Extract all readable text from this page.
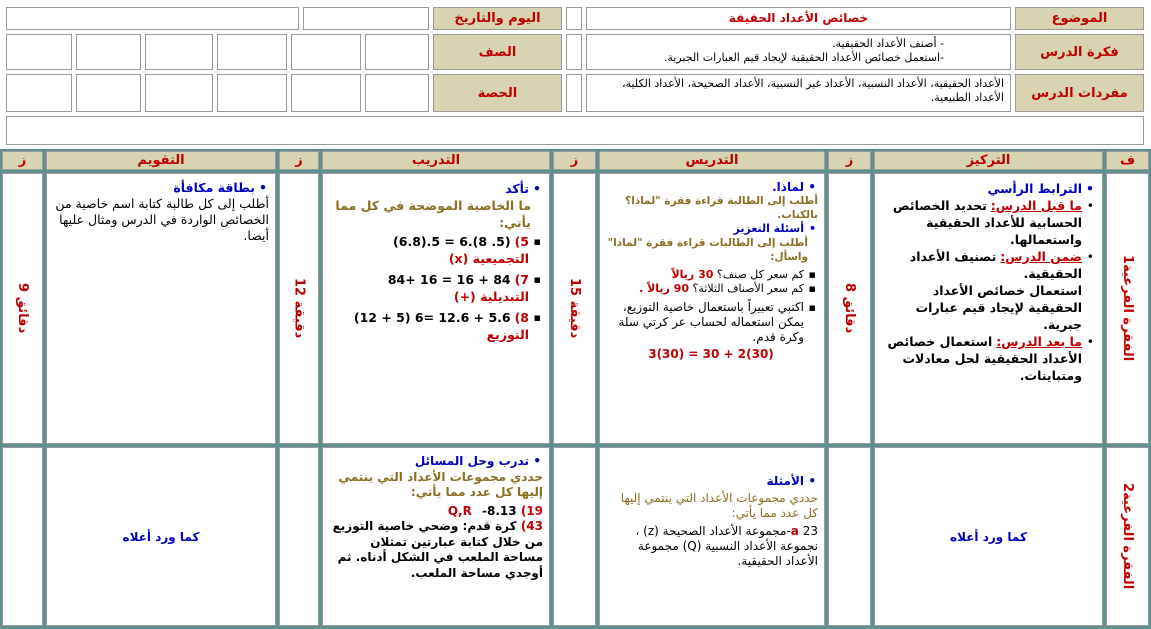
الموضوع
خصائص الأعداد الحقيقة
اليوم والتاريخ
فكرة الدرس
- أصنف الأعداد الحقيقية.
-استعمل خصائص الأعداد الحقيقية لإيجاد قيم العبارات الجبرية.
الصف
مفردات الدرس
الأعداد الحقيقية، الأعداد النسبية، الأعداد غير النسبية، الأعداد الصحيحة، الأعداد الكلية، الأعداد الطبيعية.
الحصة
ف
التركيز
ز
التدريس
ز
التدريب
ز
التقويم
ز
الفقرة الفرعية1
• الترابط الرأسي
• ما قبل الدرس: تحديد الخصائص الحسابية للأعداد الحقيقية واستعمالها.
• ضمن الدرس: تصنيف الأعداد الحقيقية.
استعمال خصائص الأعداد الحقيقية لإيجاد قيم عبارات جبرية.
• ما بعد الدرس: استعمال خصائص الأعداد الحقيقية لحل معادلات ومتباينات.
8 دقائق
• لماذا.
أطلب إلى الطالبة قراءة فقرة "لماذا؟ بالكتاب.
• أسئلة التعزيز
أطلب إلى الطالبات قراءة فقرة "لماذا" واسأل:
▪ كم سعر كل صنف؟ 30 ريالاً
▪ كم سعر الأصناف الثلاثة؟ 90 ريالاً .
▪ اكتبي تعبيراً باستعمال خاصية التوزيع، يمكن استعماله لحساب عر كرتي سلة وكرة قدم.
3(30) = 30 + 2(30)
15 دقيقة
• تأكد
ما الخاصية الموضحة في كل مما يأتي:
▪ 5) (6.8).5 = 6.(8 .5)
التجميعية (x)
▪ 7) 84+ 16 = 16 + 84
التبديلية (+)
▪ 8) (12 + 5) 6= 12.6 + 5.6
التوزيع
12 دقيقة
• بطاقة مكافأة
أطلب إلى كل طالبة كتابة اسم خاصية من الخصائص الواردة في الدرس ومثال عليها أيضا.
9 دقائق
الفقرة الفرعية2
كما ورد أعلاه
• الأمثلة
حددي مجموعات الأعداد التي ينتمي إليها كل عدد مما يأتي:
a 23-مجموعة الأعداد الصحيحة (z) ، نجموعة الأعداد النسبية (Q) مجموعة الأعداد الحقيقية.
• تدرب وحل المسائل
حددي مجموعات الأعداد التي ينتمي إليها كل عدد مما يأتي:
19) 8.13- Q,R
43) كرة قدم: وضحي خاصية التوزيع من خلال كتابة عبارتين تمثلان مساحة الملعب في الشكل أدناه. ثم أوجدي مساحة الملعب.
كما ورد أعلاه
